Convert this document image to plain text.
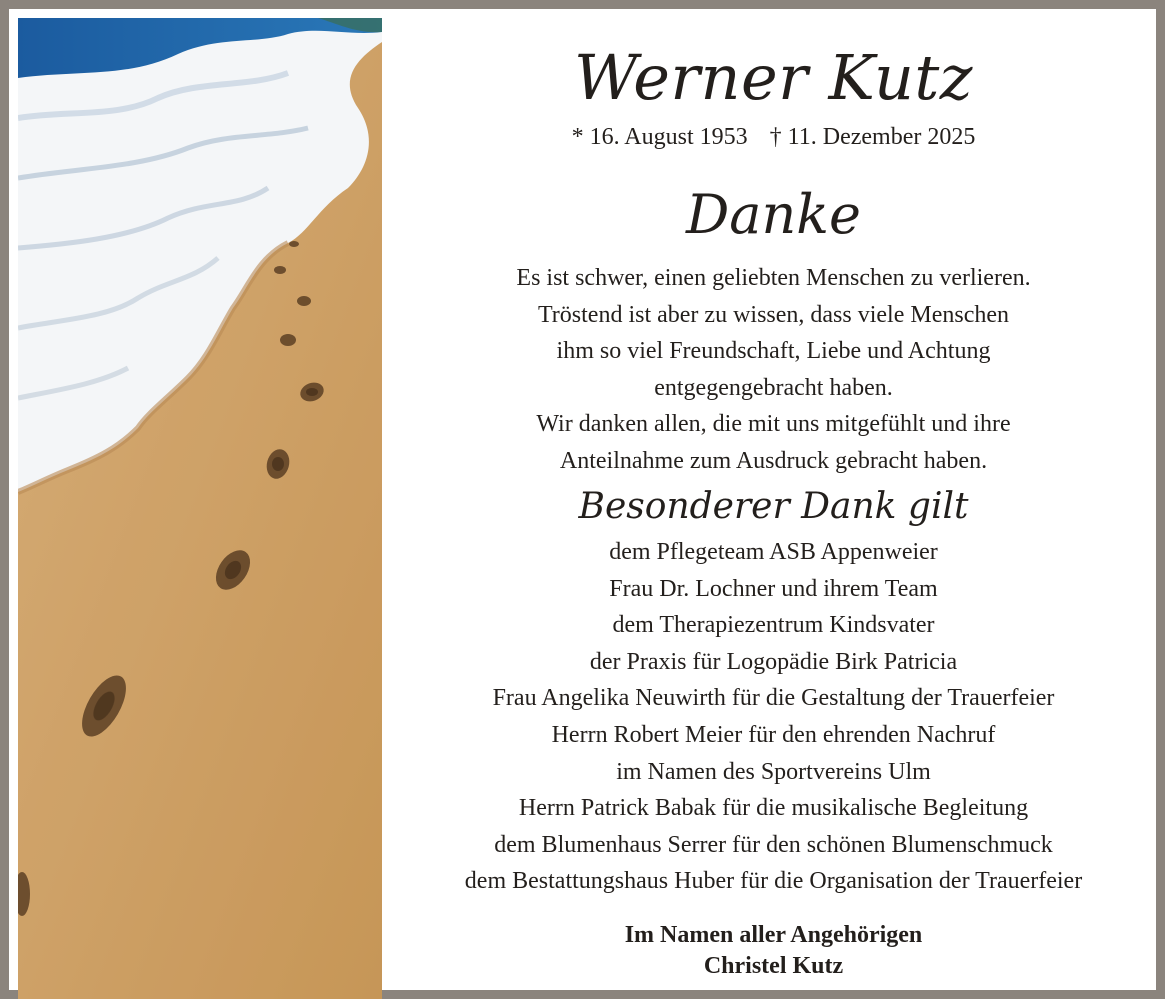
Werner Kutz
* 16. August 1953 † 11. Dezember 2025
Danke
Es ist schwer, einen geliebten Menschen zu verlieren.
Tröstend ist aber zu wissen, dass viele Menschen
ihm so viel Freundschaft, Liebe und Achtung
entgegengebracht haben.
Wir danken allen, die mit uns mitgefühlt und ihre
Anteilnahme zum Ausdruck gebracht haben.
Besonderer Dank gilt
dem Pflegeteam ASB Appenweier
Frau Dr. Lochner und ihrem Team
dem Therapiezentrum Kindsvater
der Praxis für Logopädie Birk Patricia
Frau Angelika Neuwirth für die Gestaltung der Trauerfeier
Herrn Robert Meier für den ehrenden Nachruf
im Namen des Sportvereins Ulm
Herrn Patrick Babak für die musikalische Begleitung
dem Blumenhaus Serrer für den schönen Blumenschmuck
dem Bestattungshaus Huber für die Organisation der Trauerfeier
Im Namen aller Angehörigen
Christel Kutz
